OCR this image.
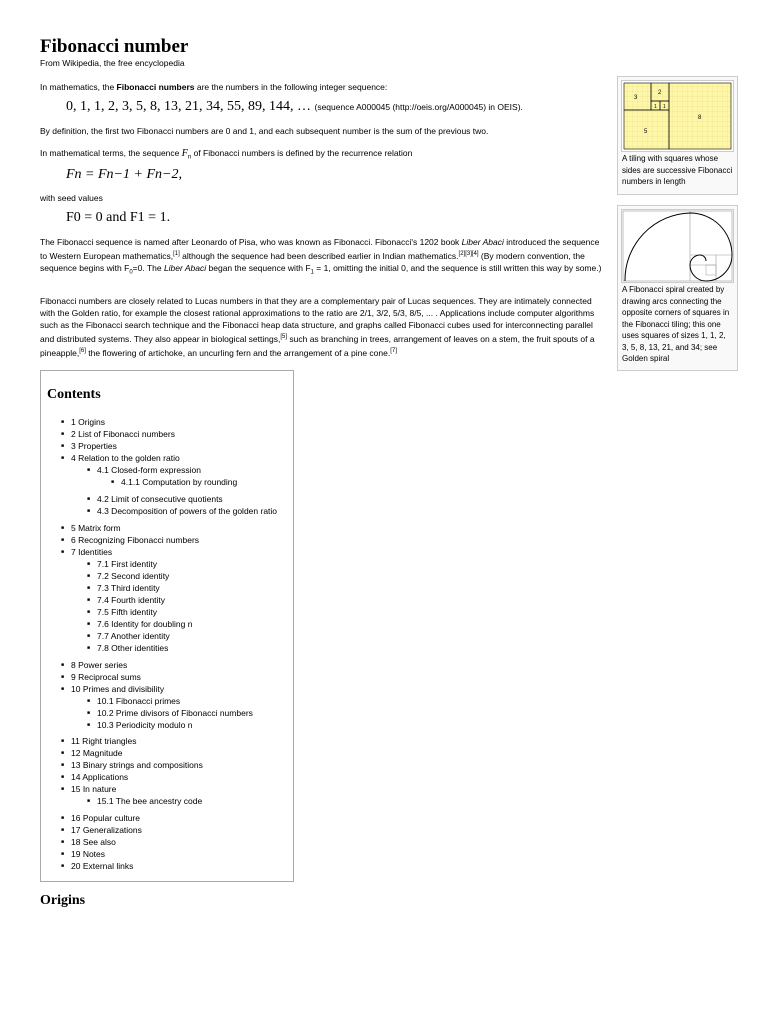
Fibonacci number
From Wikipedia, the free encyclopedia
In mathematics, the Fibonacci numbers are the numbers in the following integer sequence:
0, 1, 1, 2, 3, 5, 8, 13, 21, 34, 55, 89, 144, … (sequence A000045 (http://oeis.org/A000045) in OEIS).
By definition, the first two Fibonacci numbers are 0 and 1, and each subsequent number is the sum of the previous two.
In mathematical terms, the sequence $F_n$ of Fibonacci numbers is defined by the recurrence relation
Fn = Fn−1 + Fn−2,
with seed values
F0 = 0 and F1 = 1.
The Fibonacci sequence is named after Leonardo of Pisa, who was known as Fibonacci. Fibonacci's 1202 book Liber Abaci introduced the sequence to Western European mathematics,[1] although the sequence had been described earlier in Indian mathematics.[2][3][4] (By modern convention, the sequence begins with $F_0=0$. The Liber Abaci began the sequence with $F_1 = 1$, omitting the initial 0, and the sequence is still written this way by some.)
Fibonacci numbers are closely related to Lucas numbers in that they are a complementary pair of Lucas sequences. They are intimately connected with the Golden ratio, for example the closest rational approximations to the ratio are 2/1, 3/2, 5/3, 8/5, ... . Applications include computer algorithms such as the Fibonacci search technique and the Fibonacci heap data structure, and graphs called Fibonacci cubes used for interconnecting parallel and distributed systems. They also appear in biological settings,[5] such as branching in trees, arrangement of leaves on a stem, the fruit spouts of a pineapple,[6] the flowering of artichoke, an uncurling fern and the arrangement of a pine cone.[7]
Contents
■ 1 Origins
■ 2 List of Fibonacci numbers
■ 3 Properties
■ 4 Relation to the golden ratio
■ 4.1 Closed-form expression
■ 4.1.1 Computation by rounding
■ 4.2 Limit of consecutive quotients
■ 4.3 Decomposition of powers of the golden ratio
■ 5 Matrix form
■ 6 Recognizing Fibonacci numbers
■ 7 Identities
■ 7.1 First identity
■ 7.2 Second identity
■ 7.3 Third identity
■ 7.4 Fourth identity
■ 7.5 Fifth identity
■ 7.6 Identity for doubling n
■ 7.7 Another identity
■ 7.8 Other identities
■ 8 Power series
■ 9 Reciprocal sums
■ 10 Primes and divisibility
■ 10.1 Fibonacci primes
■ 10.2 Prime divisors of Fibonacci numbers
■ 10.3 Periodicity modulo n
■ 11 Right triangles
■ 12 Magnitude
■ 13 Binary strings and compositions
■ 14 Applications
■ 15 In nature
■ 15.1 The bee ancestry code
■ 16 Popular culture
■ 17 Generalizations
■ 18 See also
■ 19 Notes
■ 20 External links
Origins
3
2
1 1
5
8
A tiling with squares whose sides are successive Fibonacci numbers in length
A Fibonacci spiral created by drawing arcs connecting the opposite corners of squares in the Fibonacci tiling; this one uses squares of sizes 1, 1, 2, 3, 5, 8, 13, 21, and 34; see Golden spiral
